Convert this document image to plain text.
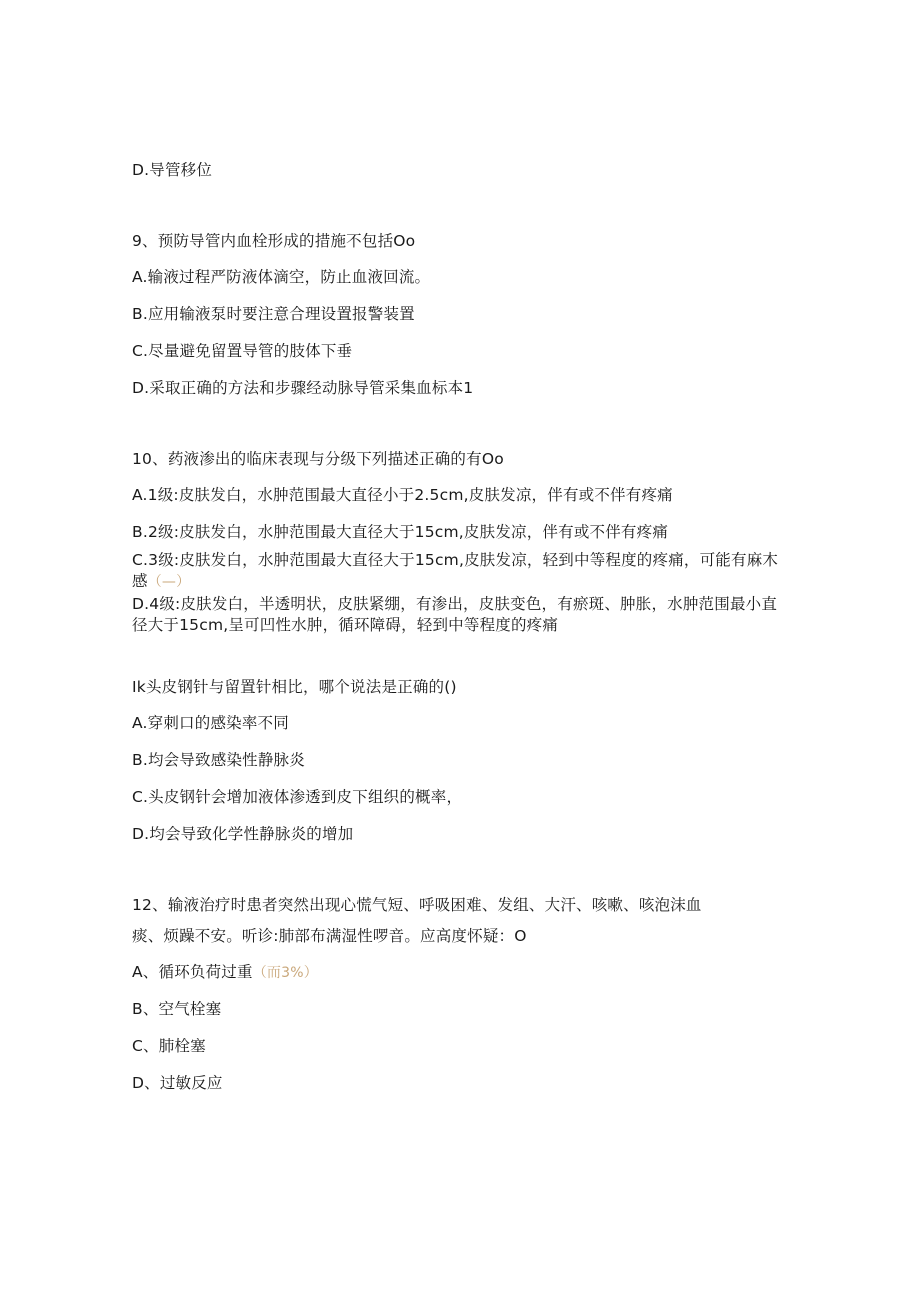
D.导管移位
9、预防导管内血栓形成的措施不包括Oo
A.输液过程严防液体滴空，防止血液回流。
B.应用输液泵时要注意合理设置报警装置
C.尽量避免留置导管的肢体下垂
D.采取正确的方法和步骤经动脉导管采集血标本1
10、药液渗出的临床表现与分级下列描述正确的有Oo
A.1级:皮肤发白，水肿范围最大直径小于2.5cm,皮肤发凉，伴有或不伴有疼痛
B.2级:皮肤发白，水肿范围最大直径大于15cm,皮肤发凉，伴有或不伴有疼痛
C.3级:皮肤发白，水肿范围最大直径大于15cm,皮肤发凉，轻到中等程度的疼痛，可能有麻木感（—）
D.4级:皮肤发白，半透明状，皮肤紧绷，有渗出，皮肤变色，有瘀斑、肿胀，水肿范围最小直径大于15cm,呈可凹性水肿，循环障碍，轻到中等程度的疼痛
Ik头皮钢针与留置针相比，哪个说法是正确的()
A.穿刺口的感染率不同
B.均会导致感染性静脉炎
C.头皮钢针会增加液体渗透到皮下组织的概率，
D.均会导致化学性静脉炎的增加
12、输液治疗时患者突然出现心慌气短、呼吸困难、发组、大汗、咳嗽、咳泡沫血
痰、烦躁不安。听诊:肺部布满湿性啰音。应高度怀疑：O
A、循环负荷过重（而3%）
B、空气栓塞
C、肺栓塞
D、过敏反应
